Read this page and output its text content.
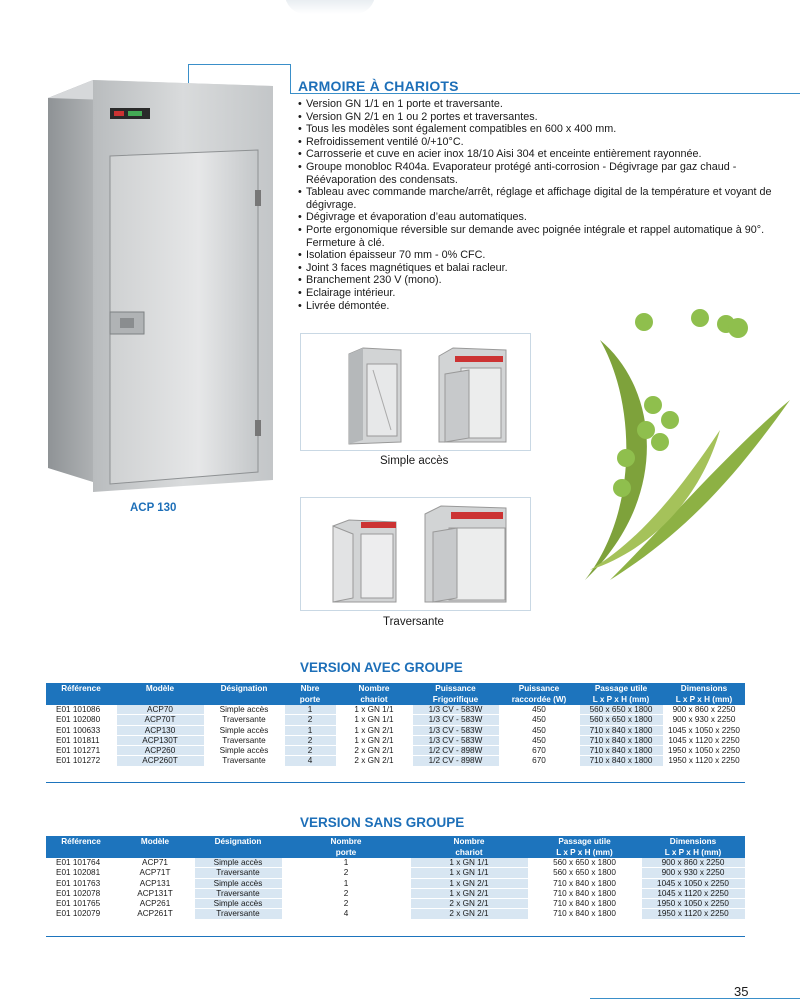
ARMOIRE À CHARIOTS
• Version GN 1/1 en 1 porte et traversante.
• Version GN 2/1 en 1 ou 2 portes et traversantes.
• Tous les modèles sont également compatibles en 600 x 400 mm.
• Refroidissement ventilé 0/+10°C.
• Carrosserie et cuve en acier inox 18/10 Aisi 304 et enceinte entièrement rayonnée.
• Groupe monobloc R404a. Evaporateur protégé anti-corrosion - Dégivrage par gaz chaud - Réévaporation des condensats.
• Tableau avec commande marche/arrêt, réglage et affichage digital de la température et voyant de dégivrage.
• Dégivrage et évaporation d’eau automatiques.
• Porte ergonomique réversible sur demande avec poignée intégrale et rappel automatique à 90°. Fermeture à clé.
• Isolation épaisseur 70 mm - 0% CFC.
• Joint 3 faces magnétiques et balai racleur.
• Branchement 230 V (mono).
• Eclairage intérieur.
• Livrée démontée.
ACP 130
Simple accès
Traversante
VERSION AVEC GROUPE
Référence	Modèle	Désignation	Nbre	Nombre	Puissance	Puissance	Passage utile	Dimensions
			porte	chariot	Frigorifique	raccordée (W)	L x P x H (mm)	L x P x H (mm)
E01 101086	ACP70	Simple accès	1	1 x GN 1/1	1/3 CV - 583W	450	560 x 650 x 1800	900 x 860 x 2250
E01 102080	ACP70T	Traversante	2	1 x GN 1/1	1/3 CV - 583W	450	560 x 650 x 1800	900 x 930 x 2250
E01 100633	ACP130	Simple accès	1	1 x GN 2/1	1/3 CV - 583W	450	710 x 840 x 1800	1045 x 1050 x 2250
E01 101811	ACP130T	Traversante	2	1 x GN 2/1	1/3 CV - 583W	450	710 x 840 x 1800	1045 x 1120 x 2250
E01 101271	ACP260	Simple accès	2	2 x GN 2/1	1/2 CV - 898W	670	710 x 840 x 1800	1950 x 1050 x 2250
E01 101272	ACP260T	Traversante	4	2 x GN 2/1	1/2 CV - 898W	670	710 x 840 x 1800	1950 x 1120 x 2250
VERSION SANS GROUPE
Référence	Modèle	Désignation	Nombre	Nombre	Passage utile	Dimensions
			porte	chariot	L x P x H (mm)	L x P x H (mm)
E01 101764	ACP71	Simple accès	1	1 x GN 1/1	560 x 650 x 1800	900 x 860 x 2250
E01 102081	ACP71T	Traversante	2	1 x GN 1/1	560 x 650 x 1800	900 x 930 x 2250
E01 101763	ACP131	Simple accès	1	1 x GN 2/1	710 x 840 x 1800	1045 x 1050 x 2250
E01 102078	ACP131T	Traversante	2	1 x GN 2/1	710 x 840 x 1800	1045 x 1120 x 2250
E01 101765	ACP261	Simple accès	2	2 x GN 2/1	710 x 840 x 1800	1950 x 1050 x 2250
E01 102079	ACP261T	Traversante	4	2 x GN 2/1	710 x 840 x 1800	1950 x 1120 x 2250
35
